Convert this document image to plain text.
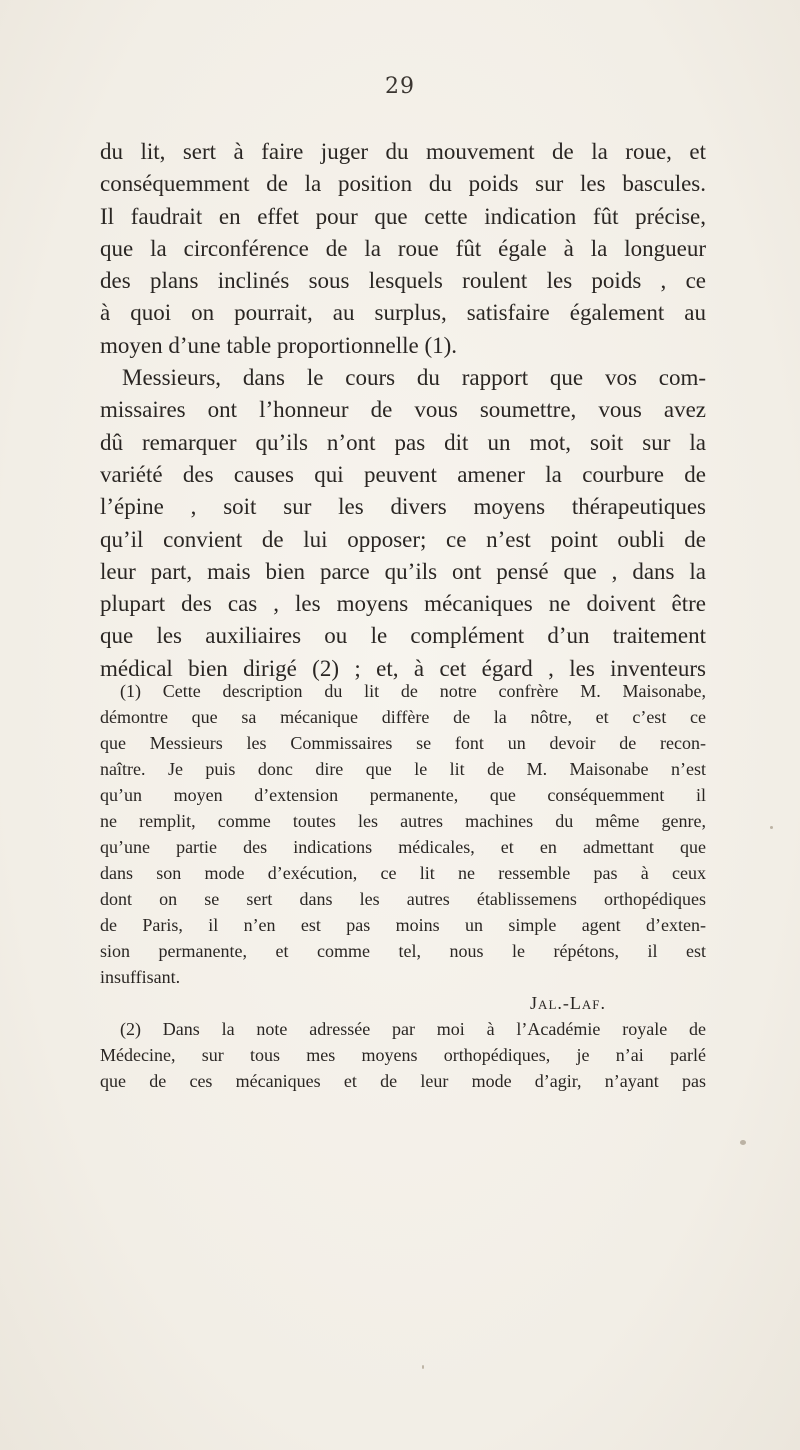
29
du lit, sert à faire juger du mouvement de la roue, et
conséquemment de la position du poids sur les bascules.
Il faudrait en effet pour que cette indication fût précise,
que la circonférence de la roue fût égale à la longueur
des plans inclinés sous lesquels roulent les poids , ce
à quoi on pourrait, au surplus, satisfaire également au
moyen d’une table proportionnelle (1).
Messieurs, dans le cours du rapport que vos com-
missaires ont l’honneur de vous soumettre, vous avez
dû remarquer qu’ils n’ont pas dit un mot, soit sur la
variété des causes qui peuvent amener la courbure de
l’épine , soit sur les divers moyens thérapeutiques
qu’il convient de lui opposer; ce n’est point oubli de
leur part, mais bien parce qu’ils ont pensé que , dans la
plupart des cas , les moyens mécaniques ne doivent être
que les auxiliaires ou le complément d’un traitement
médical bien dirigé (2) ; et, à cet égard , les inventeurs
(1) Cette description du lit de notre confrère M. Maisonabe,
démontre que sa mécanique diffère de la nôtre, et c’est ce
que Messieurs les Commissaires se font un devoir de recon-
naître. Je puis donc dire que le lit de M. Maisonabe n’est
qu’un moyen d’extension permanente, que conséquemment il
ne remplit, comme toutes les autres machines du même genre,
qu’une partie des indications médicales, et en admettant que
dans son mode d’exécution, ce lit ne ressemble pas à ceux
dont on se sert dans les autres établissemens orthopédiques
de Paris, il n’en est pas moins un simple agent d’exten-
sion permanente, et comme tel, nous le répétons, il est
insuffisant.
Jal.-Laf.
(2) Dans la note adressée par moi à l’Académie royale de
Médecine, sur tous mes moyens orthopédiques, je n’ai parlé
que de ces mécaniques et de leur mode d’agir, n’ayant pas
